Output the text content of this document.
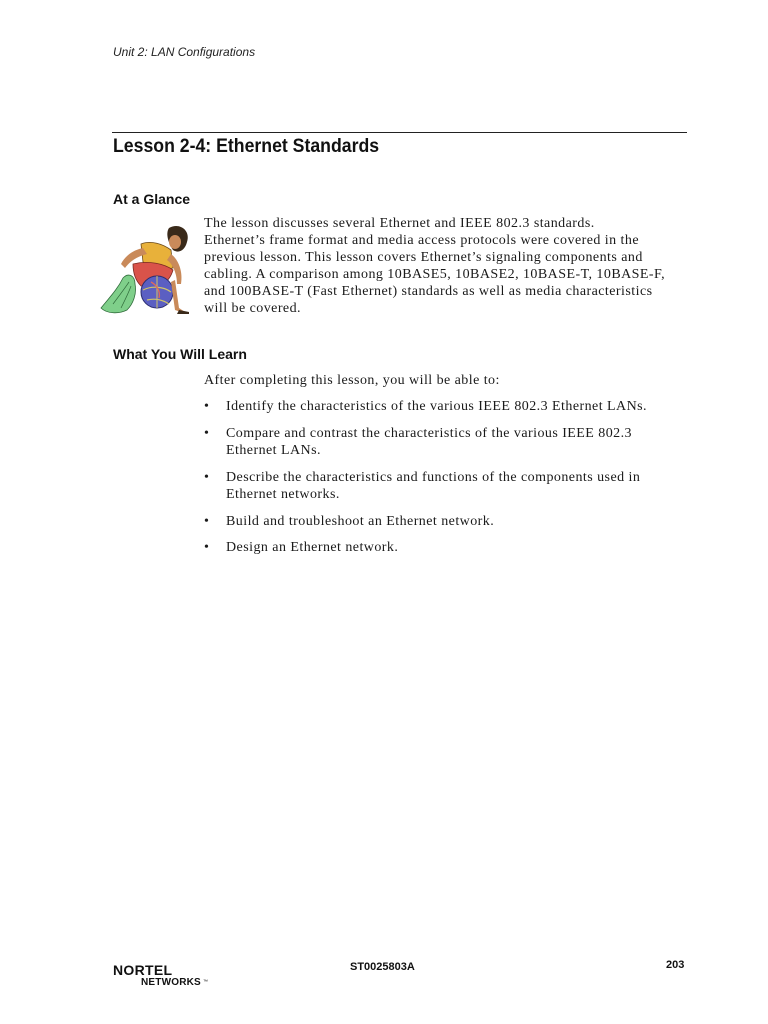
Unit 2: LAN Configurations
Lesson 2-4: Ethernet Standards
At a Glance
The lesson discusses several Ethernet and IEEE 802.3 standards.
Ethernet’s frame format and media access protocols were covered in the
previous lesson. This lesson covers Ethernet’s signaling components and
cabling. A comparison among 10BASE5, 10BASE2, 10BASE-T, 10BASE-F,
and 100BASE-T (Fast Ethernet) standards as well as media characteristics
will be covered.
What You Will Learn
After completing this lesson, you will be able to:
• Identify the characteristics of the various IEEE 802.3 Ethernet LANs.
• Compare and contrast the characteristics of the various IEEE 802.3
Ethernet LANs.
• Describe the characteristics and functions of the components used in
Ethernet networks.
• Build and troubleshoot an Ethernet network.
• Design an Ethernet network.
NORTEL
NETWORKS ™
ST0025803A	203
